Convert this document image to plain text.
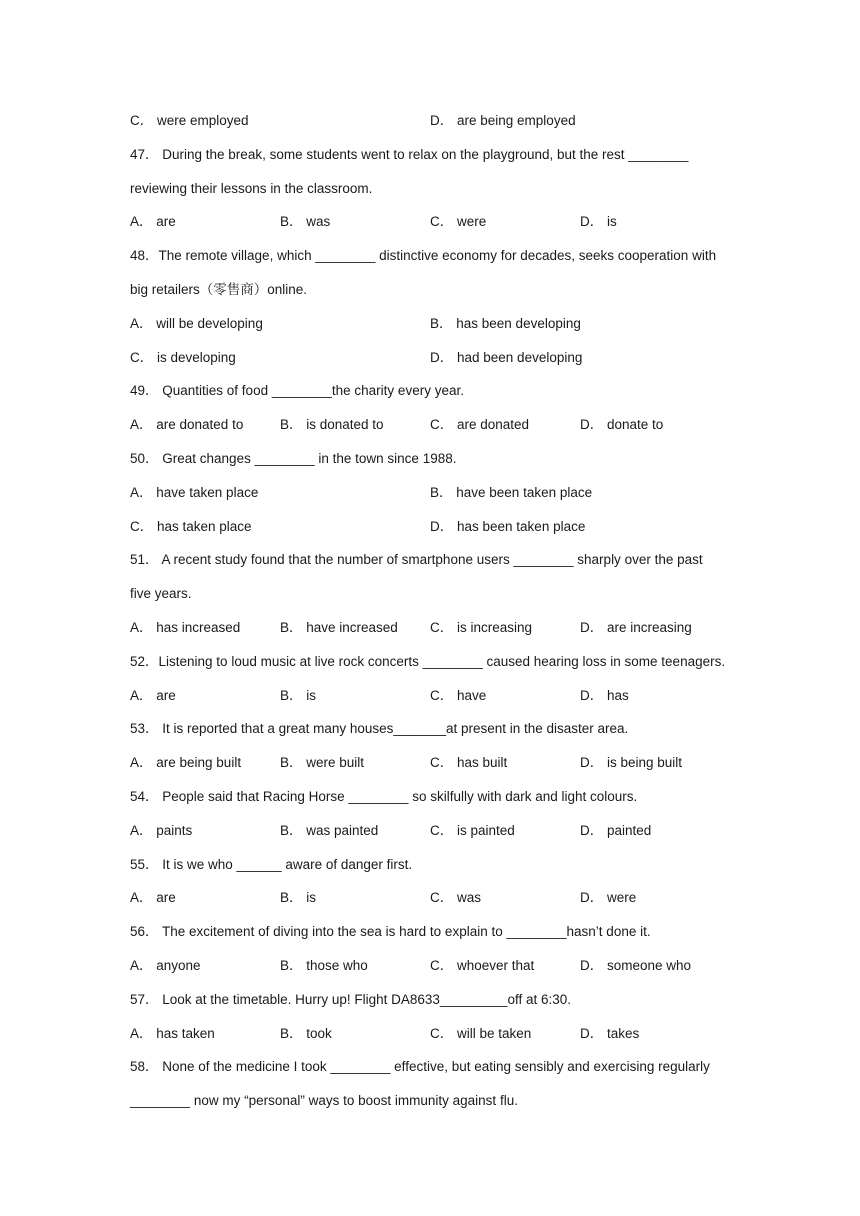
C． were employed	D． are being employed
47． During the break, some students went to relax on the playground, but the rest ________
reviewing their lessons in the classroom.
A． are	B． was	C． were	D． is
48．The remote village, which ________ distinctive economy for decades, seeks cooperation with
big retailers（零售商）online.
A． will be developing	B． has been developing
C． is developing	D． had been developing
49． Quantities of food ________the charity every year.
A． are donated to	B． is donated to	C． are donated	D． donate to
50． Great changes ________ in the town since 1988.
A． have taken place	B． have been taken place
C． has taken place	D． has been taken place
51． A recent study found that the number of smartphone users ________ sharply over the past
five years.
A． has increased	B． have increased C． is increasing	D． are increasing
52．Listening to loud music at live rock concerts ________ caused hearing loss in some teenagers.
A． are	B． is	C． have	D． has
53． It is reported that a great many houses_______at present in the disaster area.
A． are being built	B． were built	C． has built	D． is being built
54． People said that Racing Horse ________ so skilfully with dark and light colours.
A． paints	B． was painted	C． is painted	D． painted
55． It is we who ______ aware of danger first.
A． are	B． is	C． was	D． were
56． The excitement of diving into the sea is hard to explain to ________hasn’t done it.
A． anyone	B． those who	C． whoever that	D． someone who
57． Look at the timetable. Hurry up! Flight DA8633_________off at 6:30.
A． has taken	B． took	C． will be taken	D． takes
58． None of the medicine I took ________ effective, but eating sensibly and exercising regularly
________ now my “personal” ways to boost immunity against flu.
